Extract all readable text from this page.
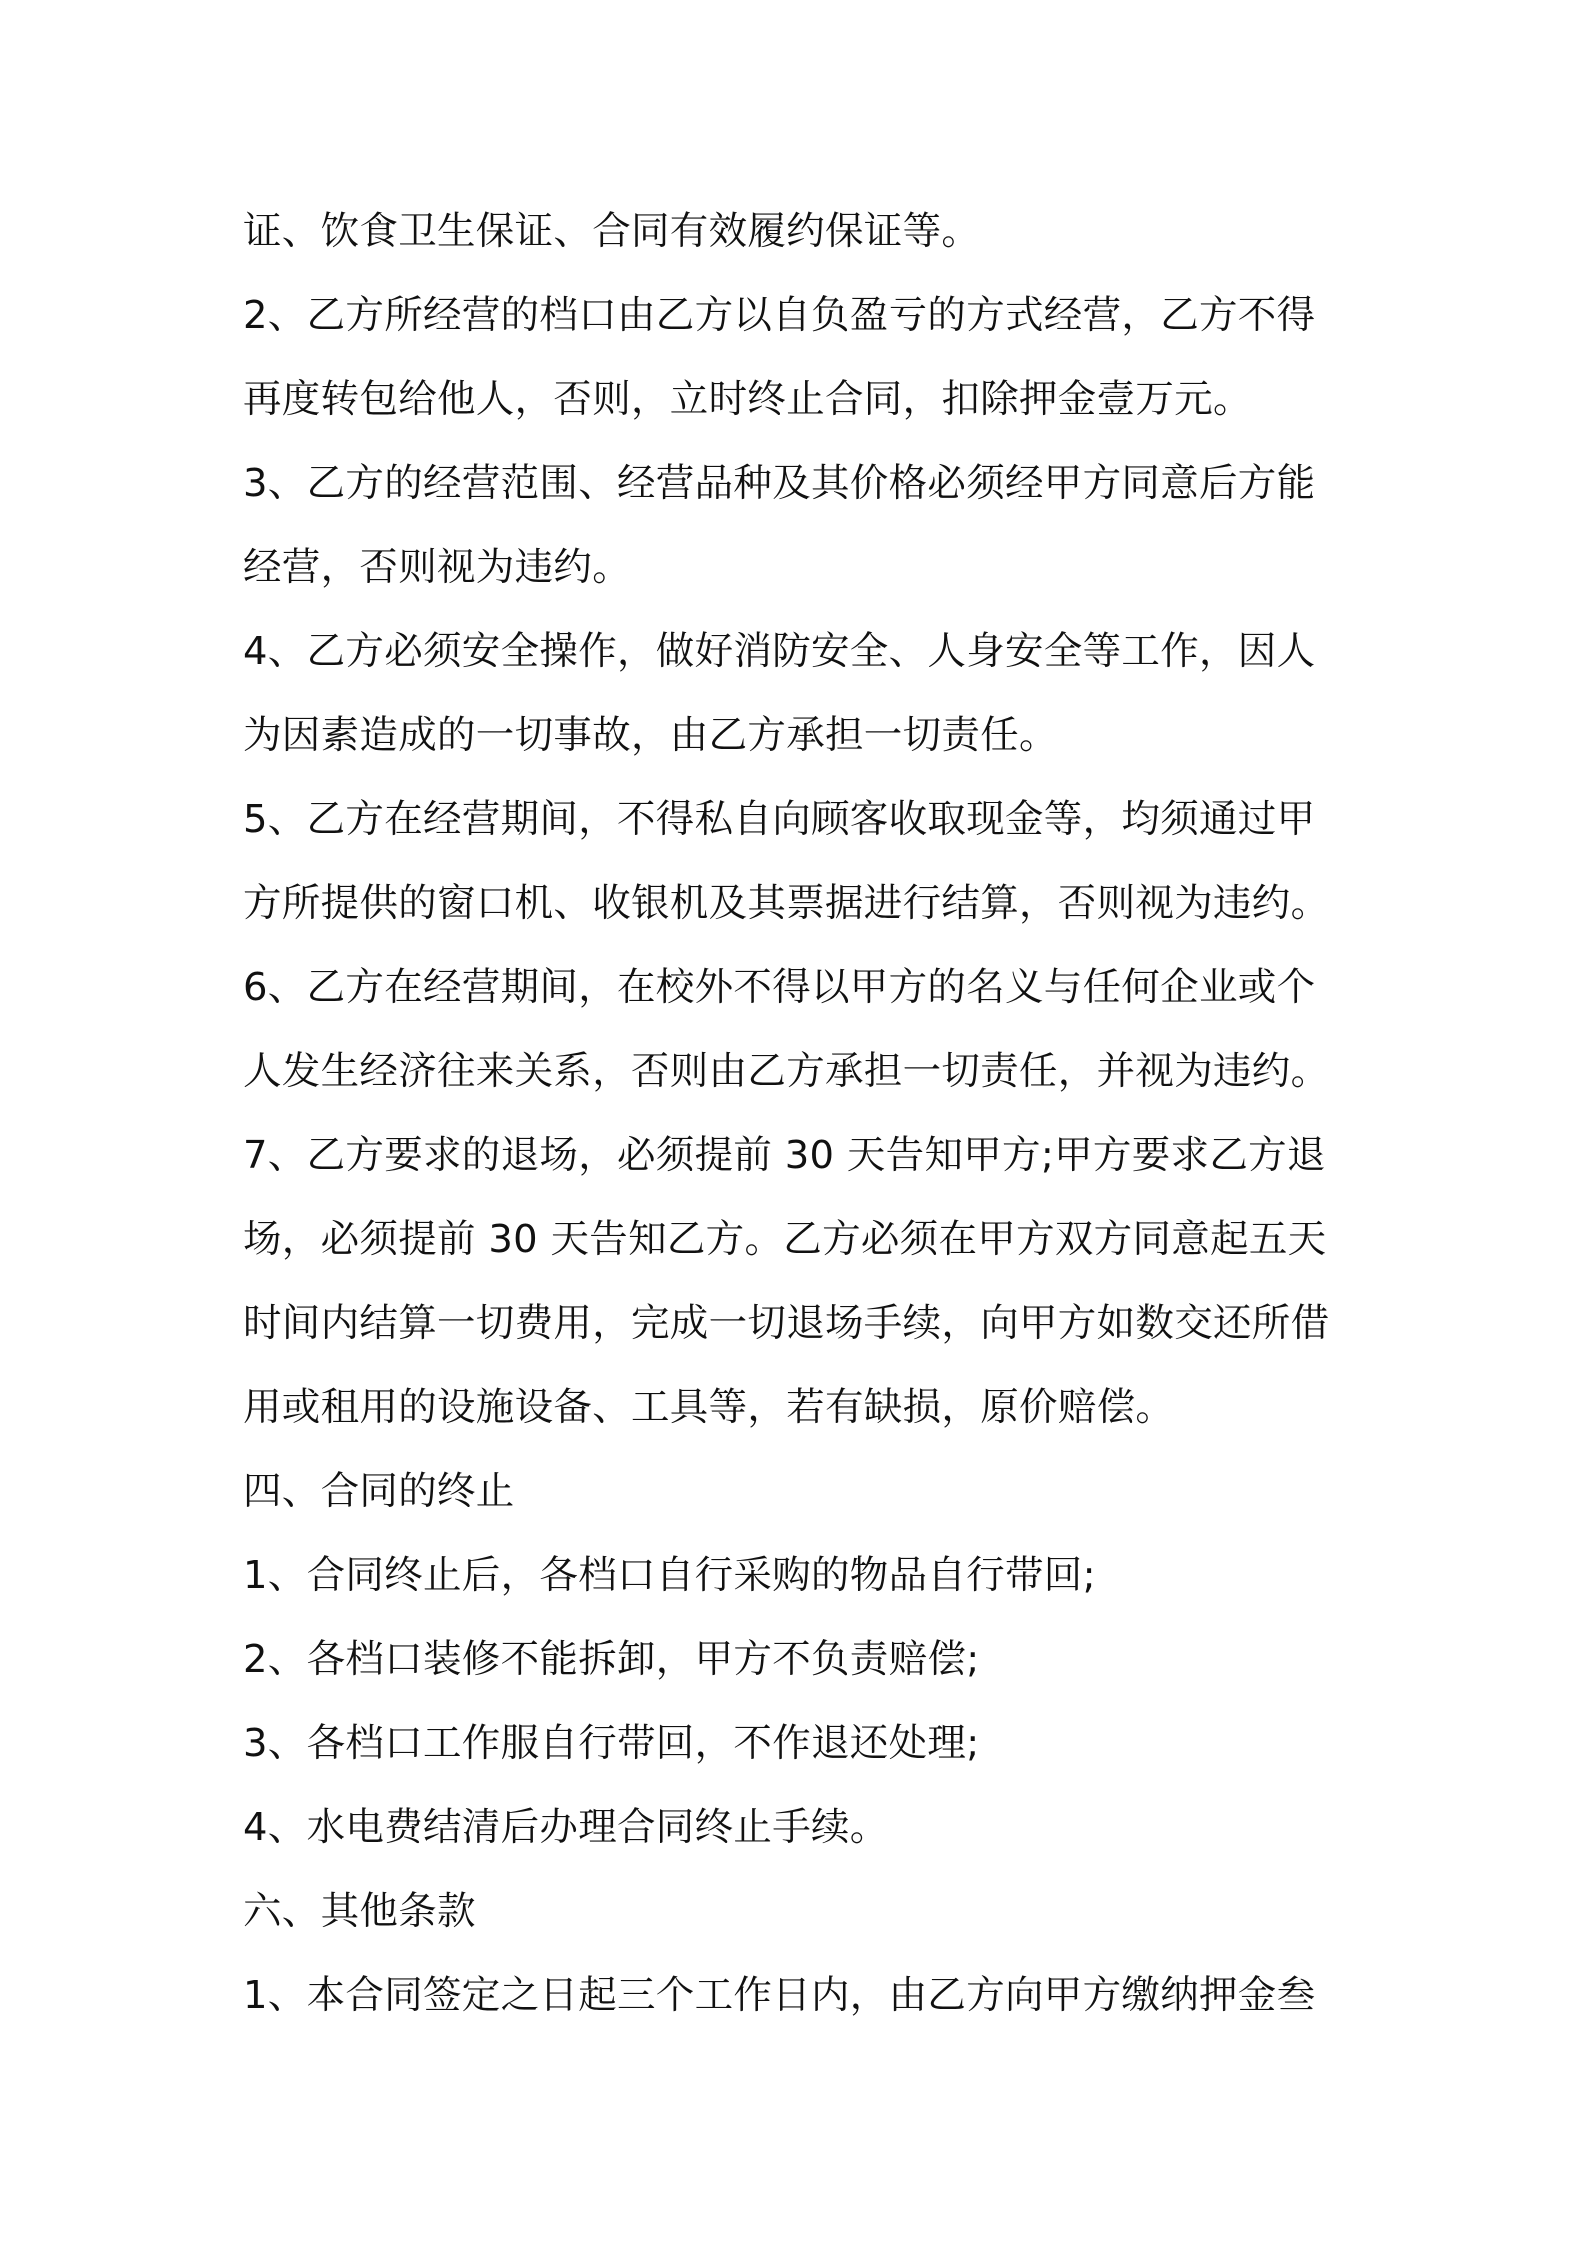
证、饮食卫生保证、合同有效履约保证等。
2、乙方所经营的档口由乙方以自负盈亏的方式经营，乙方不得
再度转包给他人，否则，立时终止合同，扣除押金壹万元。
3、乙方的经营范围、经营品种及其价格必须经甲方同意后方能
经营，否则视为违约。
4、乙方必须安全操作，做好消防安全、人身安全等工作，因人
为因素造成的一切事故，由乙方承担一切责任。
5、乙方在经营期间，不得私自向顾客收取现金等，均须通过甲
方所提供的窗口机、收银机及其票据进行结算，否则视为违约。
6、乙方在经营期间，在校外不得以甲方的名义与任何企业或个
人发生经济往来关系，否则由乙方承担一切责任，并视为违约。
7、乙方要求的退场，必须提前 30 天告知甲方;甲方要求乙方退
场，必须提前 30 天告知乙方。乙方必须在甲方双方同意起五天
时间内结算一切费用，完成一切退场手续，向甲方如数交还所借
用或租用的设施设备、工具等，若有缺损，原价赔偿。
四、合同的终止
1、合同终止后，各档口自行采购的物品自行带回;
2、各档口装修不能拆卸，甲方不负责赔偿;
3、各档口工作服自行带回，不作退还处理;
4、水电费结清后办理合同终止手续。
六、其他条款
1、本合同签定之日起三个工作日内，由乙方向甲方缴纳押金叁
